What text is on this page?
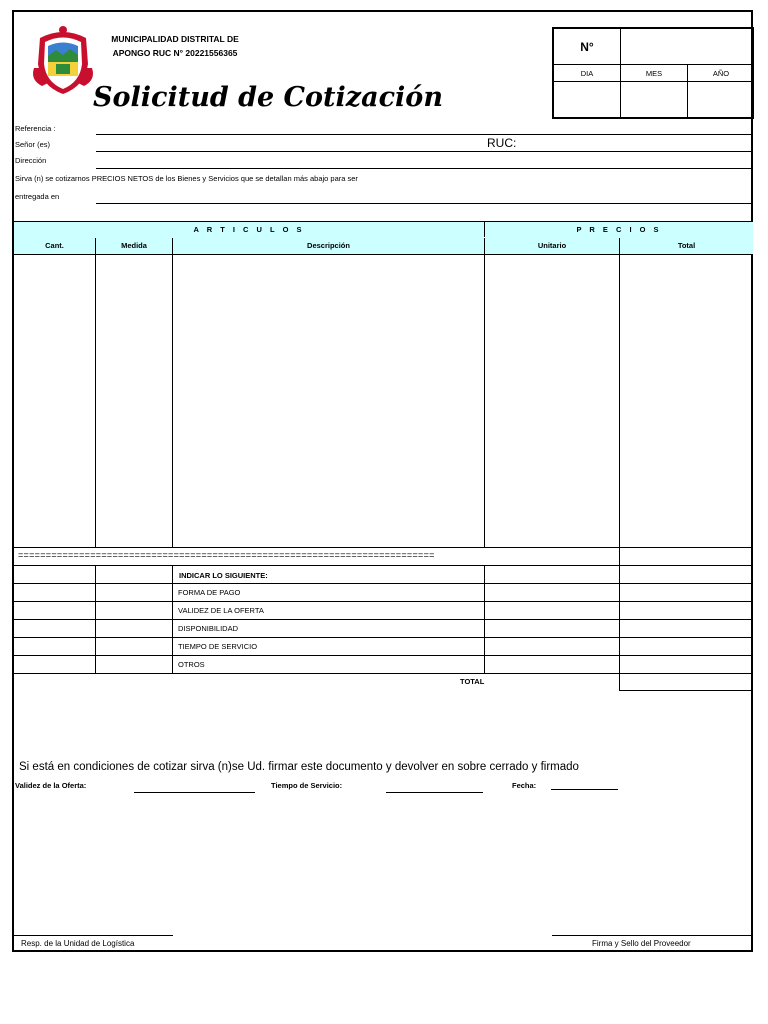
MUNICIPALIDAD DISTRITAL DE APONGO RUC N° 20221556365
Solicitud de Cotización
N°
DIA	MES	AÑO
Referencia :
Señor (es)	RUC:
Dirección
Sirva (n) se cotizarnos PRECIOS NETOS de los Bienes y Servicios que se detallan más abajo para ser
entregada en
A R T I C U L O S	P R E C I O S
Cant.	Medida	Descripción	Unitario	Total
===========================================================================
INDICAR LO SIGUIENTE:
FORMA DE PAGO
VALIDEZ DE LA OFERTA
DISPONIBILIDAD
TIEMPO DE SERVICIO
OTROS
TOTAL
Si está en condiciones de cotizar sirva (n)se Ud. firmar este documento y devolver en sobre cerrado y firmado
Validez de la Oferta:	Tiempo de Servicio:	Fecha:
Resp. de la Unidad de Logística	Firma y Sello del Proveedor
